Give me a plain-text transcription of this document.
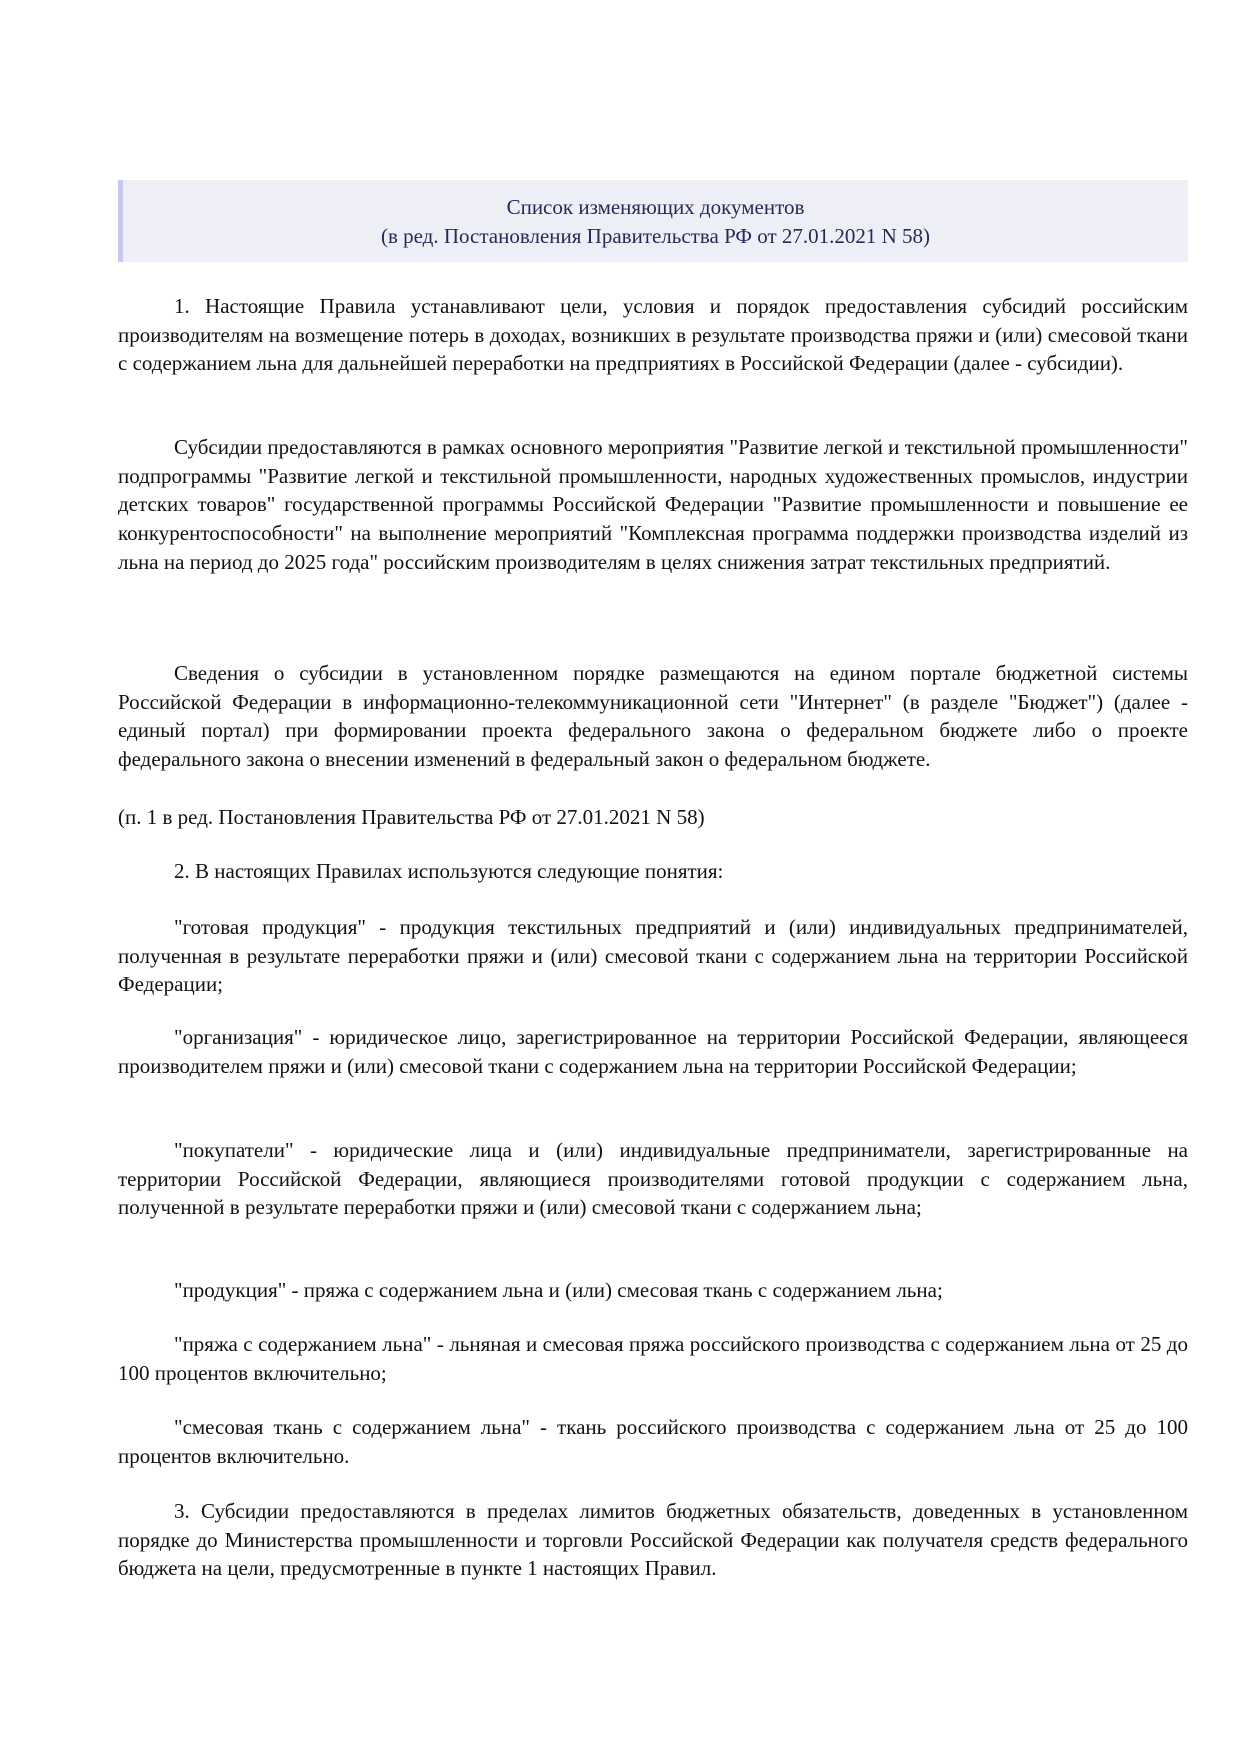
Список изменяющих документов
(в ред. Постановления Правительства РФ от 27.01.2021 N 58)

1. Настоящие Правила устанавливают цели, условия и порядок предоставления субсидий российским производителям на возмещение потерь в доходах, возникших в результате производства пряжи и (или) смесовой ткани с содержанием льна для дальнейшей переработки на предприятиях в Российской Федерации (далее - субсидии).

Субсидии предоставляются в рамках основного мероприятия "Развитие легкой и текстильной промышленности" подпрограммы "Развитие легкой и текстильной промышленности, народных художественных промыслов, индустрии детских товаров" государственной программы Российской Федерации "Развитие промышленности и повышение ее конкурентоспособности" на выполнение мероприятий "Комплексная программа поддержки производства изделий из льна на период до 2025 года" российским производителям в целях снижения затрат текстильных предприятий.

Сведения о субсидии в установленном порядке размещаются на едином портале бюджетной системы Российской Федерации в информационно-телекоммуникационной сети "Интернет" (в разделе "Бюджет") (далее - единый портал) при формировании проекта федерального закона о федеральном бюджете либо о проекте федерального закона о внесении изменений в федеральный закон о федеральном бюджете.

(п. 1 в ред. Постановления Правительства РФ от 27.01.2021 N 58)

2. В настоящих Правилах используются следующие понятия:

"готовая продукция" - продукция текстильных предприятий и (или) индивидуальных предпринимателей, полученная в результате переработки пряжи и (или) смесовой ткани с содержанием льна на территории Российской Федерации;

"организация" - юридическое лицо, зарегистрированное на территории Российской Федерации, являющееся производителем пряжи и (или) смесовой ткани с содержанием льна на территории Российской Федерации;

"покупатели" - юридические лица и (или) индивидуальные предприниматели, зарегистрированные на территории Российской Федерации, являющиеся производителями готовой продукции с содержанием льна, полученной в результате переработки пряжи и (или) смесовой ткани с содержанием льна;

"продукция" - пряжа с содержанием льна и (или) смесовая ткань с содержанием льна;

"пряжа с содержанием льна" - льняная и смесовая пряжа российского производства с содержанием льна от 25 до 100 процентов включительно;

"смесовая ткань с содержанием льна" - ткань российского производства с содержанием льна от 25 до 100 процентов включительно.

3. Субсидии предоставляются в пределах лимитов бюджетных обязательств, доведенных в установленном порядке до Министерства промышленности и торговли Российской Федерации как получателя средств федерального бюджета на цели, предусмотренные в пункте 1 настоящих Правил.
